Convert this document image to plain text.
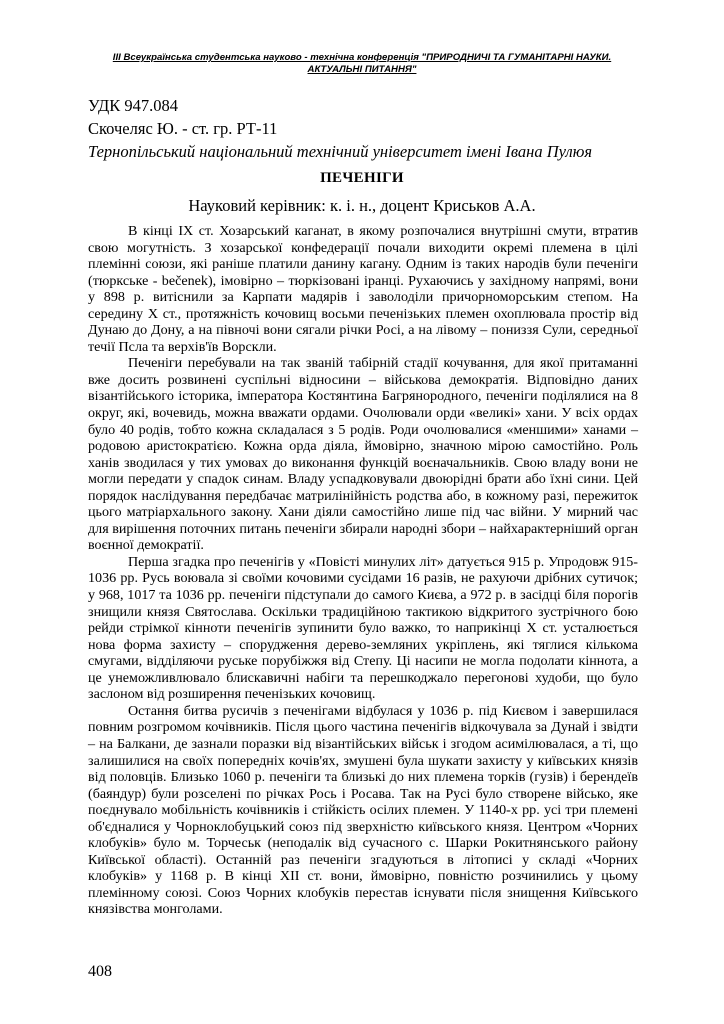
III Всеукраїнська студентська науково - технічна конференція "ПРИРОДНИЧІ ТА ГУМАНІТАРНІ НАУКИ. АКТУАЛЬНІ ПИТАННЯ"
УДК 947.084
Скочеляс Ю. - ст. гр. РТ-11
Тернопільський національний технічний університет імені Івана Пулюя
ПЕЧЕНІГИ
Науковий керівник: к. і. н., доцент Криськов А.А.

В кінці ІХ ст. Хозарський каганат, в якому розпочалися внутрішні смути, втратив свою могутність. З хозарської конфедерації почали виходити окремі племена в цілі племінні союзи, які раніше платили данину кагану. Одним із таких народів були печеніги (тюркське - bečenek), імовірно – тюркізовані іранці. Рухаючись у західному напрямі, вони у 898 р. витіснили за Карпати мадярів і заволоділи причорноморським степом. На середину Х ст., протяжність кочовищ восьми печенізьких племен охоплювала простір від Дунаю до Дону, а на півночі вони сягали річки Росі, а на лівому – пониззя Сули, середньої течії Псла та верхів'їв Ворскли.

Печеніги перебували на так званій табірній стадії кочування, для якої притаманні вже досить розвинені суспільні відносини – військова демократія. Відповідно даних візантійського історика, імператора Костянтина Багрянородного, печеніги поділялися на 8 округ, які, вочевидь, можна вважати ордами. Очолювали орди «великі» хани. У всіх ордах було 40 родів, тобто кожна складалася з 5 родів. Роди очолювалися «меншими» ханами – родовою аристократією. Кожна орда діяла, ймовірно, значною мірою самостійно. Роль ханів зводилася у тих умовах до виконання функцій воєначальників. Свою владу вони не могли передати у спадок синам. Владу успадковували двоюрідні брати або їхні сини. Цей порядок наслідування передбачає матрилінійність родства або, в кожному разі, пережиток цього матріархального закону. Хани діяли самостійно лише під час війни. У мирний час для вирішення поточних питань печеніги збирали народні збори – найхарактерніший орган воєнної демократії.

Перша згадка про печенігів у «Повісті минулих літ» датується 915 р. Упродовж 915-1036 рр. Русь воювала зі своїми кочовими сусідами 16 разів, не рахуючи дрібних сутичок; у 968, 1017 та 1036 рр. печеніги підступали до самого Києва, а 972 р. в засідці біля порогів знищили князя Святослава. Оскільки традиційною тактикою відкритого зустрічного бою рейди стрімкої кінноти печенігів зупинити було важко, то наприкінці Х ст. усталюється нова форма захисту – спорудження дерево-земляних укріплень, які тяглися кількома смугами, відділяючи руське порубіжжя від Степу. Ці насипи не могла подолати кіннота, а це унеможливлювало блискавичні набіги та перешкоджало перегонові худоби, що було заслоном від розширення печенізьких кочовищ.

Остання битва русичів з печенігами відбулася у 1036 р. під Києвом і завершилася повним розгромом кочівників. Після цього частина печенігів відкочувала за Дунай і звідти – на Балкани, де зазнали поразки від візантійських військ і згодом асимілювалася, а ті, що залишилися на своїх попередніх кочів'ях, змушені була шукати захисту у київських князів від половців. Близько 1060 р. печеніги та близькі до них племена торків (гузів) і берендеїв (баяндур) були розселені по річках Рось і Росава. Так на Русі було створене військо, яке поєднувало мобільність кочівників і стійкість осілих племен. У 1140-х рр. усі три племені об'єдналися у Чорноклобуцький союз під зверхністю київського князя. Центром «Чорних клобуків» було м. Торчеськ (неподалік від сучасного с. Шарки Рокитнянського району Київської області). Останній раз печеніги згадуються в літописі у складі «Чорних клобуків» у 1168 р. В кінці ХІІ ст. вони, ймовірно, повністю розчинились у цьому племінному союзі. Союз Чорних клобуків перестав існувати після знищення Київського князівства монголами.

408
